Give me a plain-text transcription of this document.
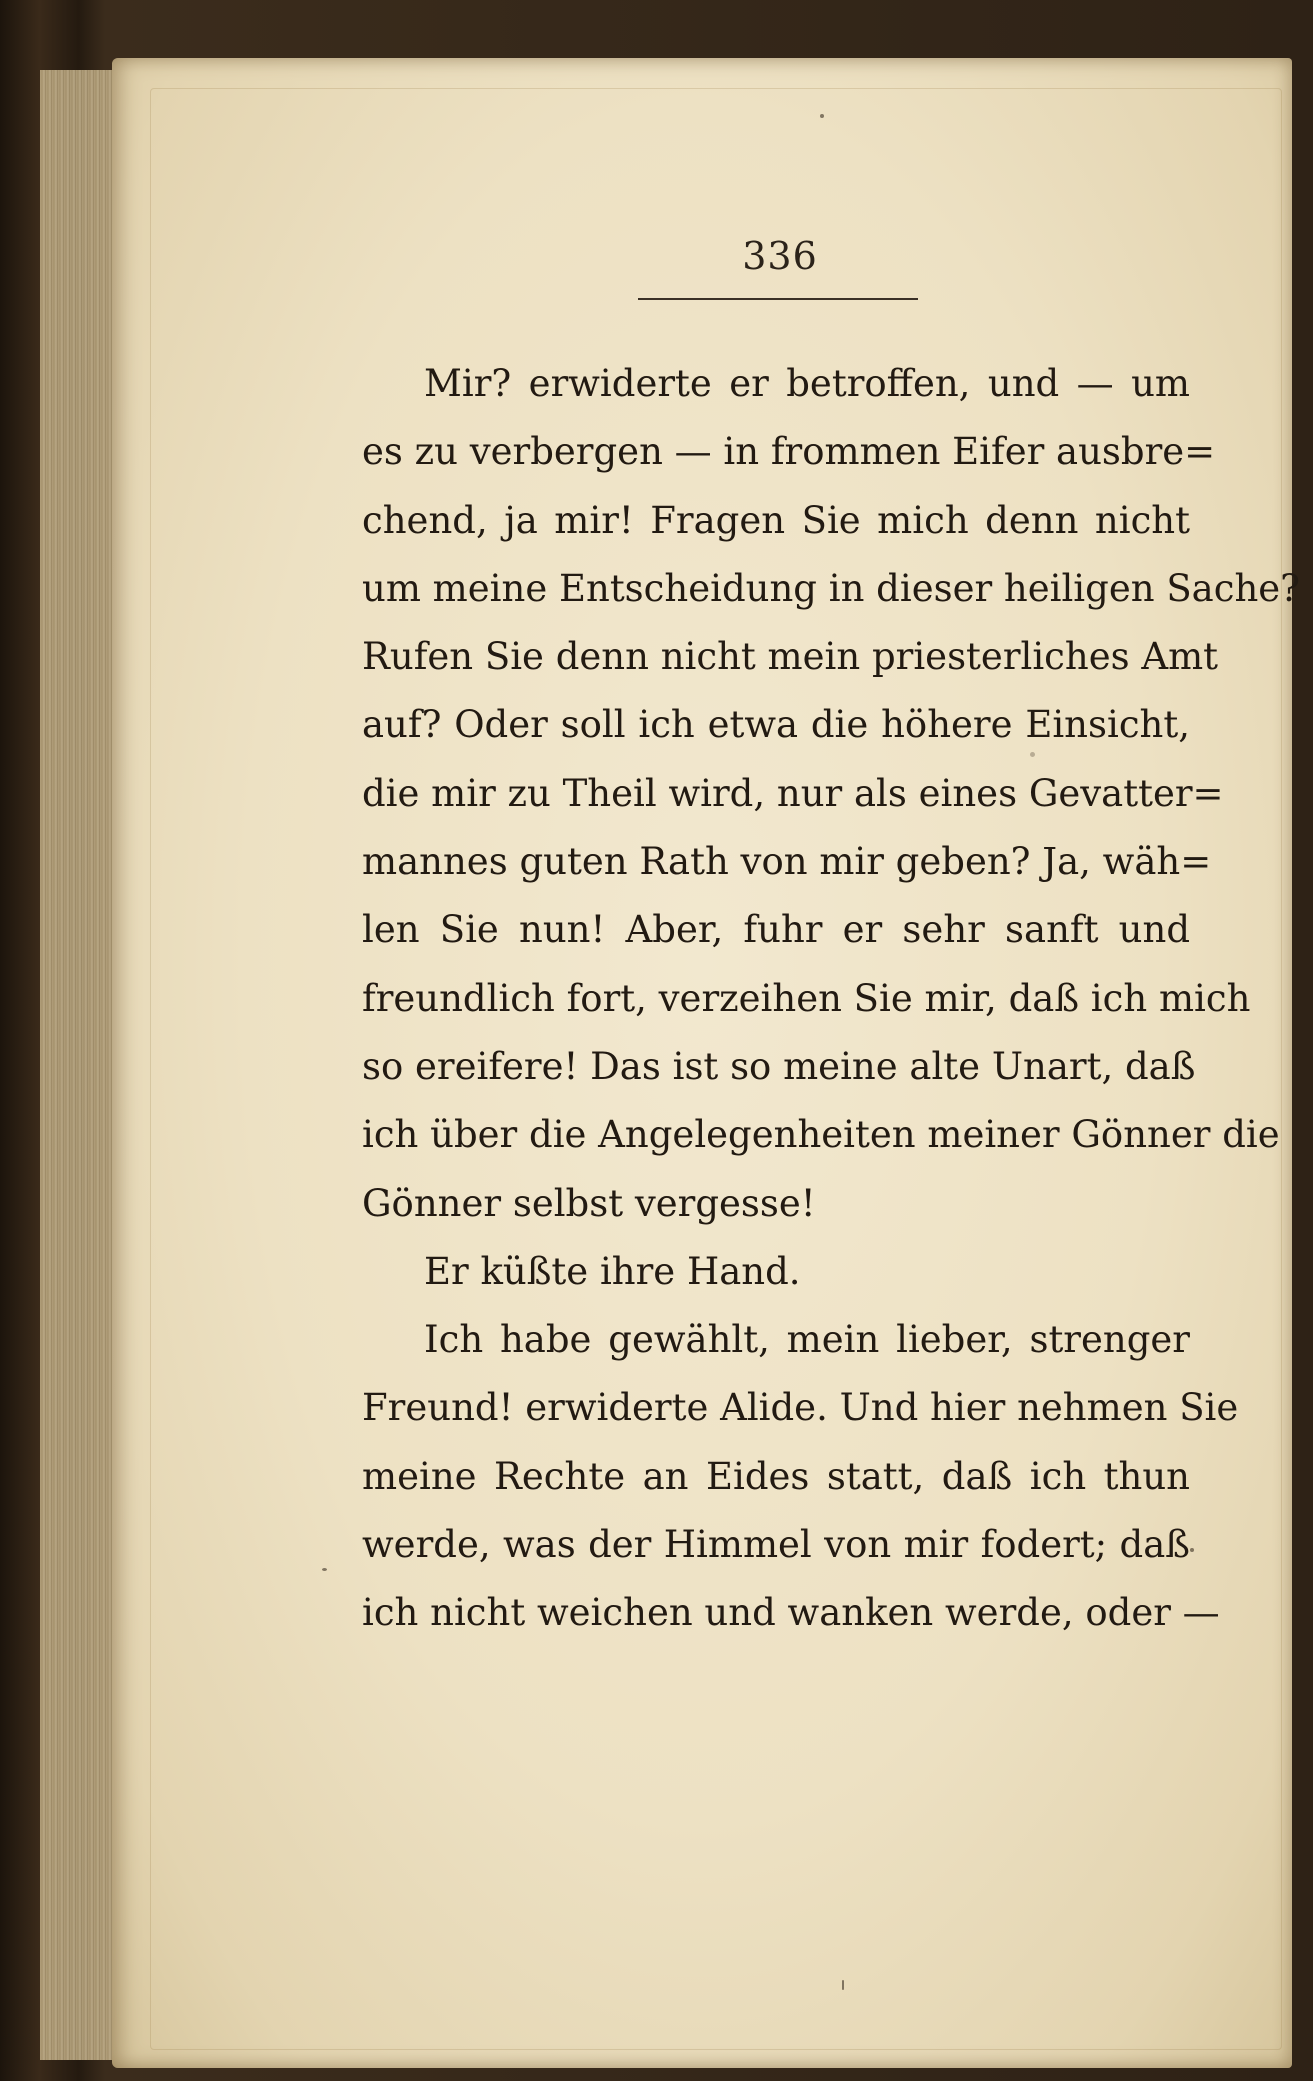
336
Mir? erwiderte er betroffen, und — um
es zu verbergen — in frommen Eifer ausbre=
chend, ja mir! Fragen Sie mich denn nicht
um meine Entscheidung in dieser heiligen Sache?
Rufen Sie denn nicht mein priesterliches Amt
auf? Oder soll ich etwa die höhere Einsicht,
die mir zu Theil wird, nur als eines Gevatter=
mannes guten Rath von mir geben? Ja, wäh=
len Sie nun! Aber, fuhr er sehr sanft und
freundlich fort, verzeihen Sie mir, daß ich mich
so ereifere! Das ist so meine alte Unart, daß
ich über die Angelegenheiten meiner Gönner die
Gönner selbst vergesse!
Er küßte ihre Hand.
Ich habe gewählt, mein lieber, strenger
Freund! erwiderte Alide. Und hier nehmen Sie
meine Rechte an Eides statt, daß ich thun
werde, was der Himmel von mir fodert; daß
ich nicht weichen und wanken werde, oder —
